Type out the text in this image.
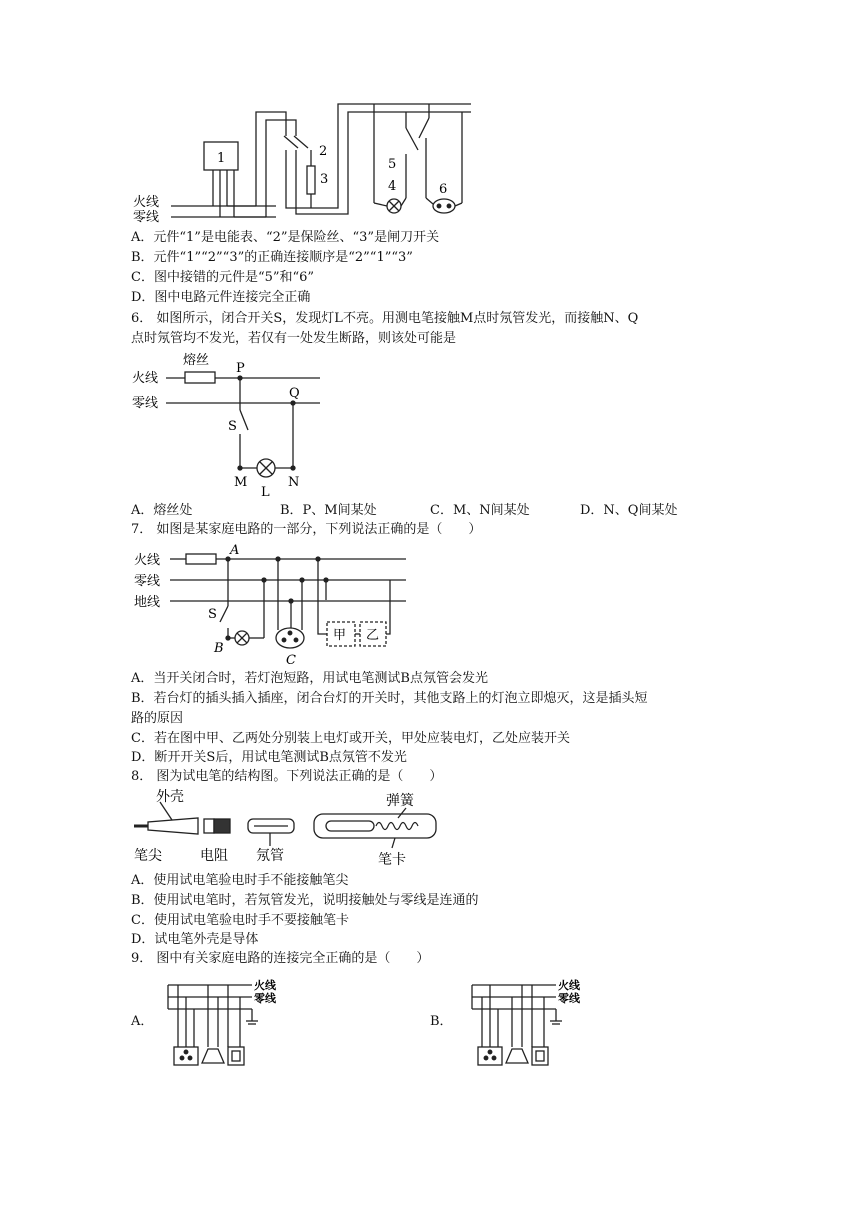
火线
零线
1	2
3
5
4	6
A．元件“1”是电能表、“2”是保险丝、“3”是闸刀开关
B．元件“1”“2”“3”的正确连接顺序是“2”“1”“3”
C．图中接错的元件是“5”和“6”
D．图中电路元件连接完全正确
6． 如图所示，闭合开关S，发现灯L不亮。用测电笔接触M点时氖管发光，而接触N、Q
点时氖管均不发光，若仅有一处发生断路，则该处可能是
熔丝
火线
零线
P
Q
S
M	N
L
A．熔丝处	B．P、M间某处	C．M、N间某处	D．N、Q间某处
7． 如图是某家庭电路的一部分，下列说法正确的是（　　）
火线
零线
地线
A
S
B
C
甲 乙
A．当开关闭合时，若灯泡短路，用试电笔测试B点氖管会发光
B．若台灯的插头插入插座，闭合台灯的开关时，其他支路上的灯泡立即熄灭，这是插头短
路的原因
C．若在图中甲、乙两处分别装上电灯或开关，甲处应装电灯，乙处应装开关
D．断开开关S后，用试电笔测试B点氖管不发光
8． 图为试电笔的结构图。下列说法正确的是（　　）
外壳	弹簧
笔尖	电阻 氖管	笔卡
A．使用试电笔验电时手不能接触笔尖
B．使用试电笔时，若氖管发光，说明接触处与零线是连通的
C．使用试电笔验电时手不要接触笔卡
D．试电笔外壳是导体
9． 图中有关家庭电路的连接完全正确的是（　　）
A．
火线
零线
B．
火线
零线
